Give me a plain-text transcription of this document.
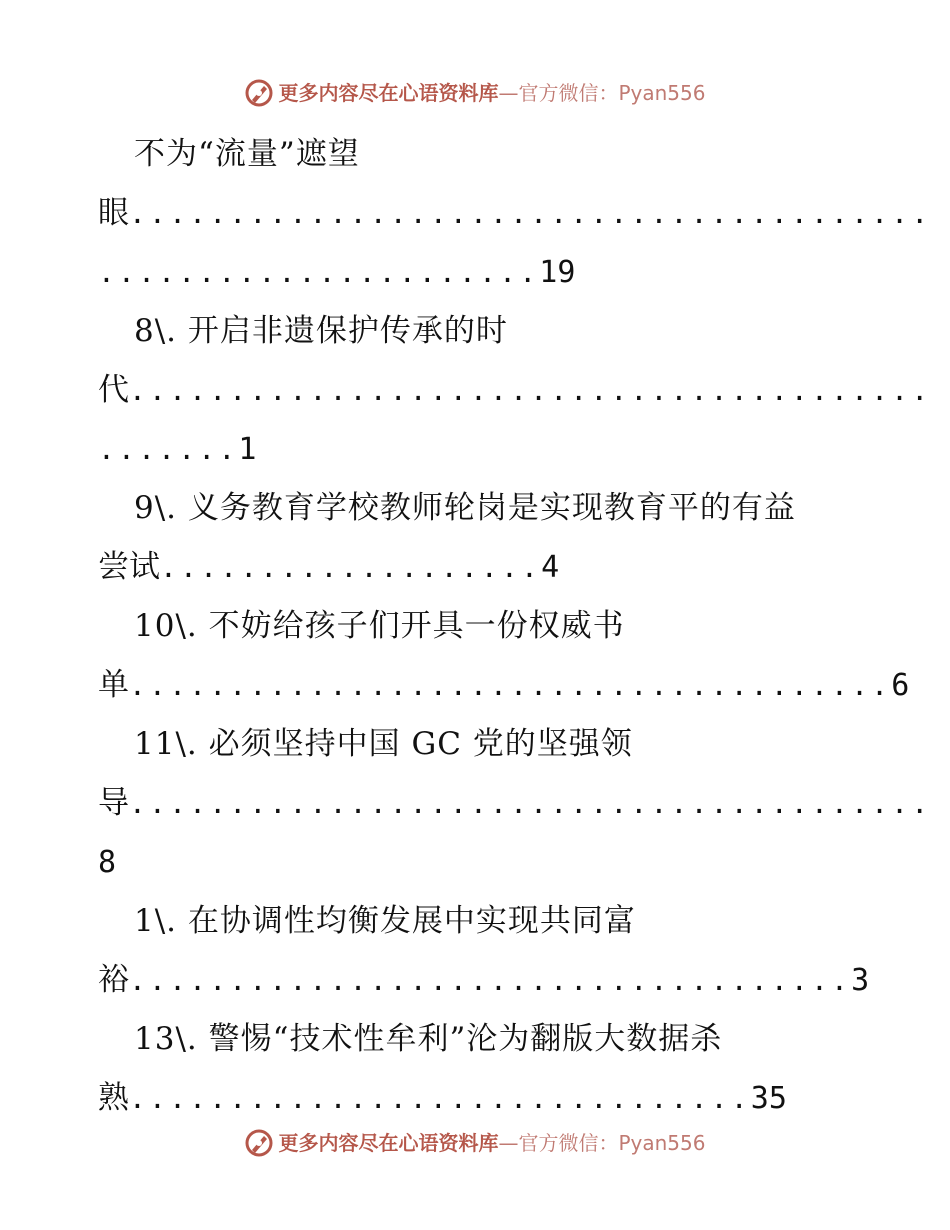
更多内容尽在心语资料库—官方微信：Pyan556
不为“流量”遮望
眼........................................
......................19
8\. 开启非遗保护传承的时
代........................................
.......1
9\. 义务教育学校教师轮岗是实现教育平的有益
尝试...................4
10\. 不妨给孩子们开具一份权威书
单......................................6
11\. 必须坚持中国 GC 党的坚强领
导........................................
8
1\. 在协调性均衡发展中实现共同富
裕....................................3
13\. 警惕“技术性牟利”沦为翻版大数据杀
熟...............................35
更多内容尽在心语资料库—官方微信：Pyan556
